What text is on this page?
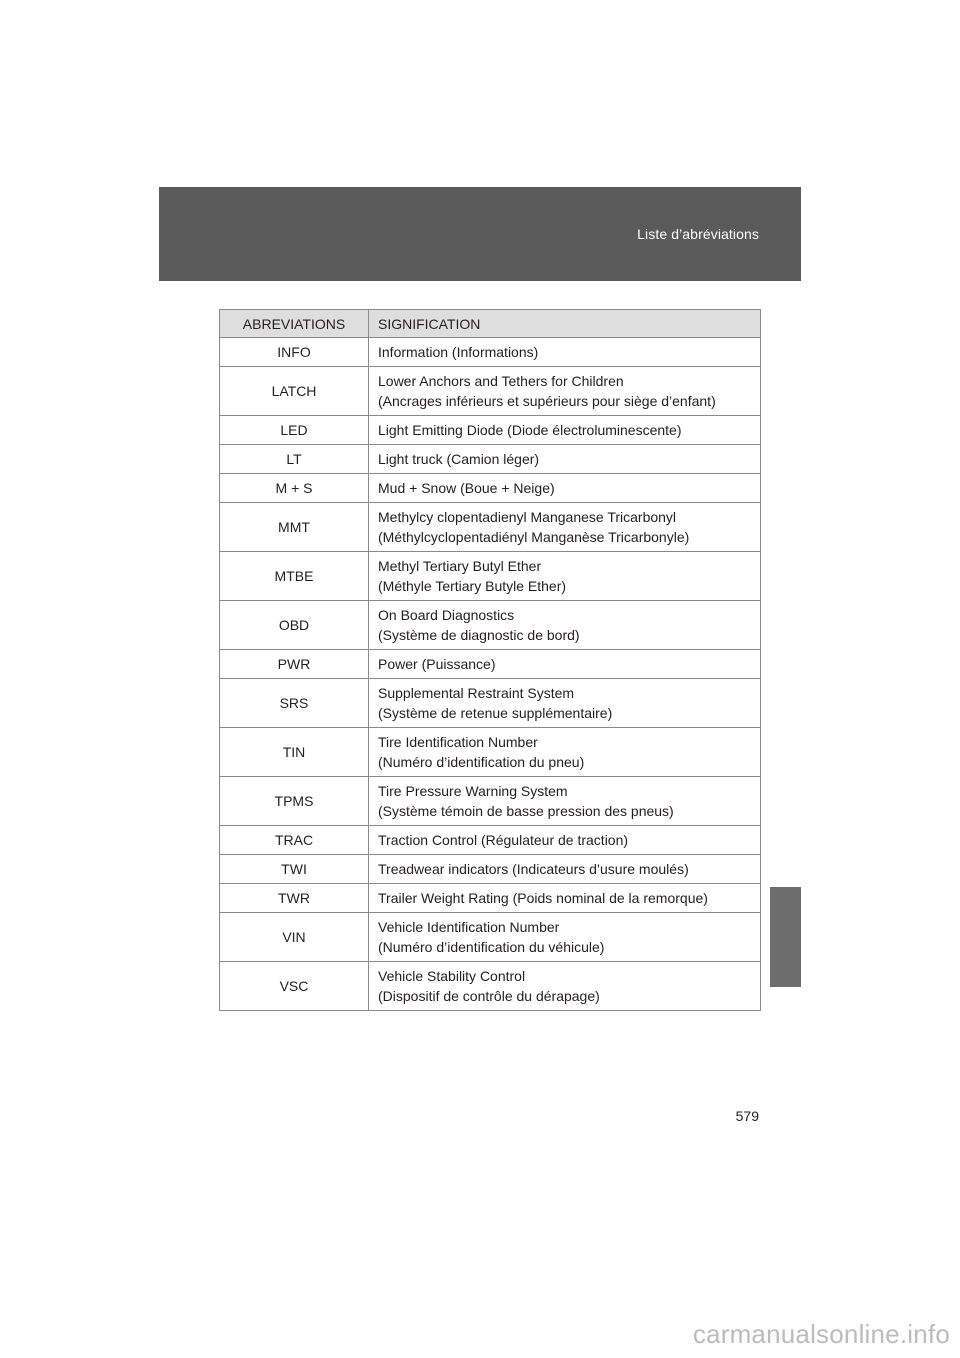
Liste d’abréviations
ABREVIATIONS	SIGNIFICATION
INFO	Information (Informations)

LATCH	Lower Anchors and Tethers for Children
(Ancrages inférieurs et supérieurs pour siège d’enfant)

LED	Light Emitting Diode (Diode électroluminescente)

LT	Light truck (Camion léger)

M + S	Mud + Snow (Boue + Neige)

MMT	Methylcy clopentadienyl Manganese Tricarbonyl
(Méthylcyclopentadiényl Manganèse Tricarbonyle)

MTBE	Methyl Tertiary Butyl Ether
(Méthyle Tertiary Butyle Ether)

OBD	On Board Diagnostics
(Système de diagnostic de bord)

PWR	Power (Puissance)

SRS	Supplemental Restraint System
(Système de retenue supplémentaire)

TIN	Tire Identification Number
(Numéro d’identification du pneu)

TPMS	Tire Pressure Warning System
(Système témoin de basse pression des pneus)

TRAC	Traction Control (Régulateur de traction)

TWI	Treadwear indicators (Indicateurs d’usure moulés)

TWR	Trailer Weight Rating (Poids nominal de la remorque)

VIN	Vehicle Identification Number
(Numéro d’identification du véhicule)

VSC	Vehicle Stability Control
(Dispositif de contrôle du dérapage)
579
carmanualsonline.info
